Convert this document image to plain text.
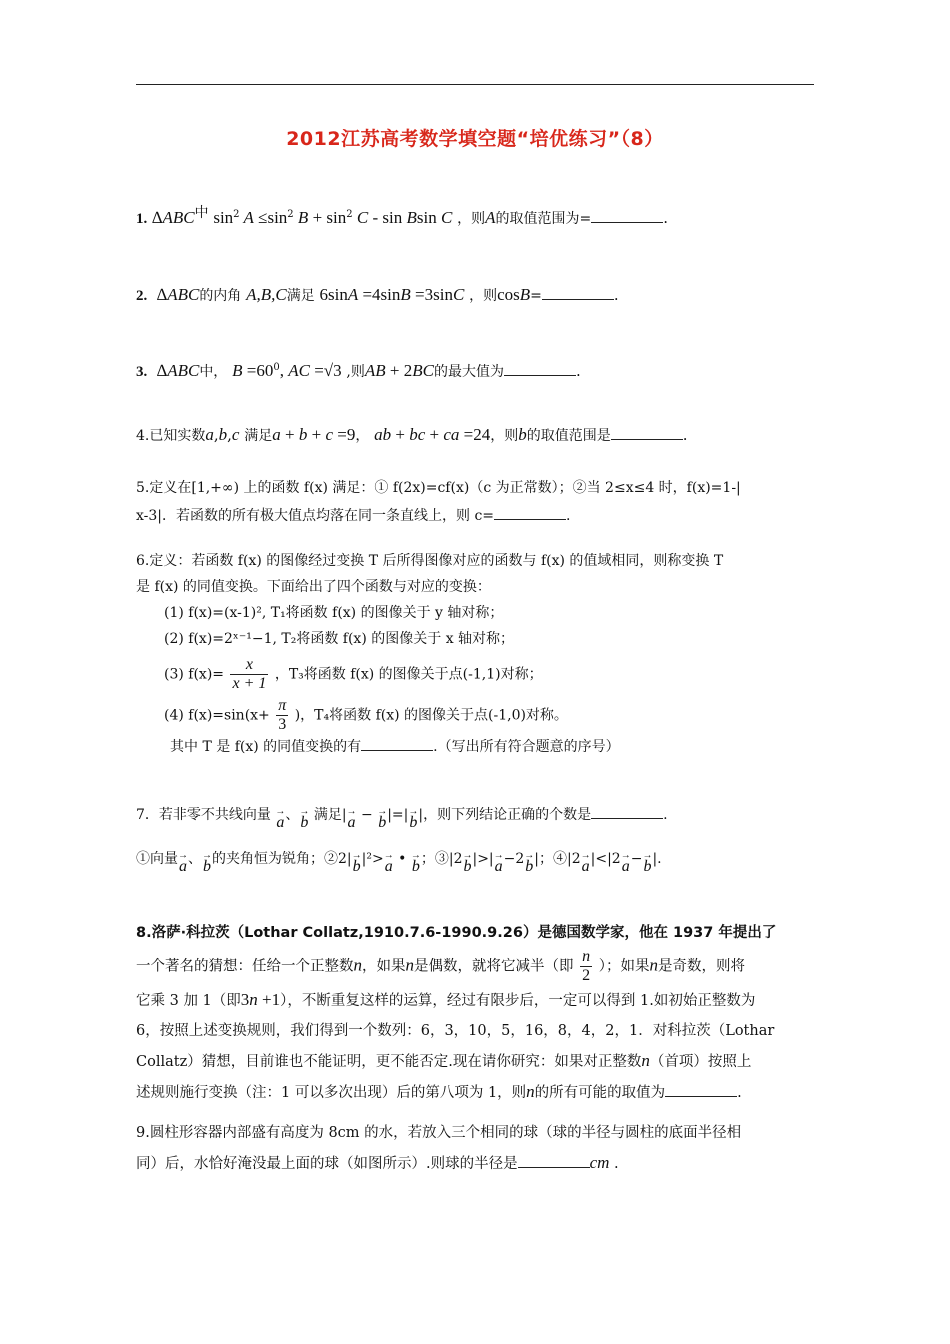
2012江苏高考数学填空题“培优练习”（8）
1. $\Delta ABC^中$ $\sin^2 A \le\sin^2$ $B + \sin^2 C - \sin Bsin$ C ，则A的取值范围为=	.
2. ∆ABC的内角 A,B,C满足 6sinA =4sinB =3sinC ，则cosB=	.
3. ∆ABC中， $B =60^0$, AC =√3 ,则AB + 2BC的最大值为	.
4.已知实数a,b,c 满足a + b + c =9， ab + bc + ca =24，则b的取值范围是	.
5.定义在[1,+∞) 上的函数 f(x) 满足：① f(2x)=cf(x)（c 为正常数）；②当 2≤x≤4 时，f(x)=1-|
x-3|．若函数的所有极大值点均落在同一条直线上，则 c=	.
6.定义：若函数 f(x) 的图像经过变换 T 后所得图像对应的函数与 f(x) 的值域相同，则称变换 T
是 f(x) 的同值变换。下面给出了四个函数与对应的变换：
(1) f(x)=(x-1)², T₁将函数 f(x) 的图像关于 y 轴对称；
(2) f(x)=2ˣ⁻¹−1, T₂将函数 f(x) 的图像关于 x 轴对称；
(3) $f(x)= \frac{x}{x + 1}$ ，T₃将函数 f(x) 的图像关于点(-1,1)对称；
(4) $f(x)=\sin(x+ \frac{\pi}{3}$ )，T₄将函数 f(x) 的图像关于点(-1,0)对称。
其中 T 是 f(x) 的同值变换的有	.（写出所有符合题意的序号）
7．若非零不共线向量 →
a、 →
b 满足| →
a − →
b|=| →
b|，则下列结论正确的个数是	.
①向量 →
a、 →
b的夹角恒为锐角；②2| →
b|²> →
a • →
b；③|2 →
b|>| →
a−2 →
b|；④|2 →
a|<|2 →
a− →
b|.
8.洛萨·科拉茨（Lothar Collatz,1910.7.6-1990.9.26）是德国数学家，他在 1937 年提出了
一个著名的猜想：任给一个正整数n，如果n是偶数，就将它减半（即 $\frac{n}{2}$ ）；如果n是奇数，则将
它乘 3 加 1（即3n +1），不断重复这样的运算，经过有限步后，一定可以得到 1.如初始正整数为
6，按照上述变换规则，我们得到一个数列：6，3，10，5，16，8，4，2，1．对科拉茨（Lothar
Collatz）猜想，目前谁也不能证明，更不能否定.现在请你研究：如果对正整数n（首项）按照上
述规则施行变换（注：1 可以多次出现）后的第八项为 1，则n的所有可能的取值为	.
9.圆柱形容器内部盛有高度为 8cm 的水，若放入三个相同的球（球的半径与圆柱的底面半径相
同）后，水恰好淹没最上面的球（如图所示）.则球的半径是	cm .
